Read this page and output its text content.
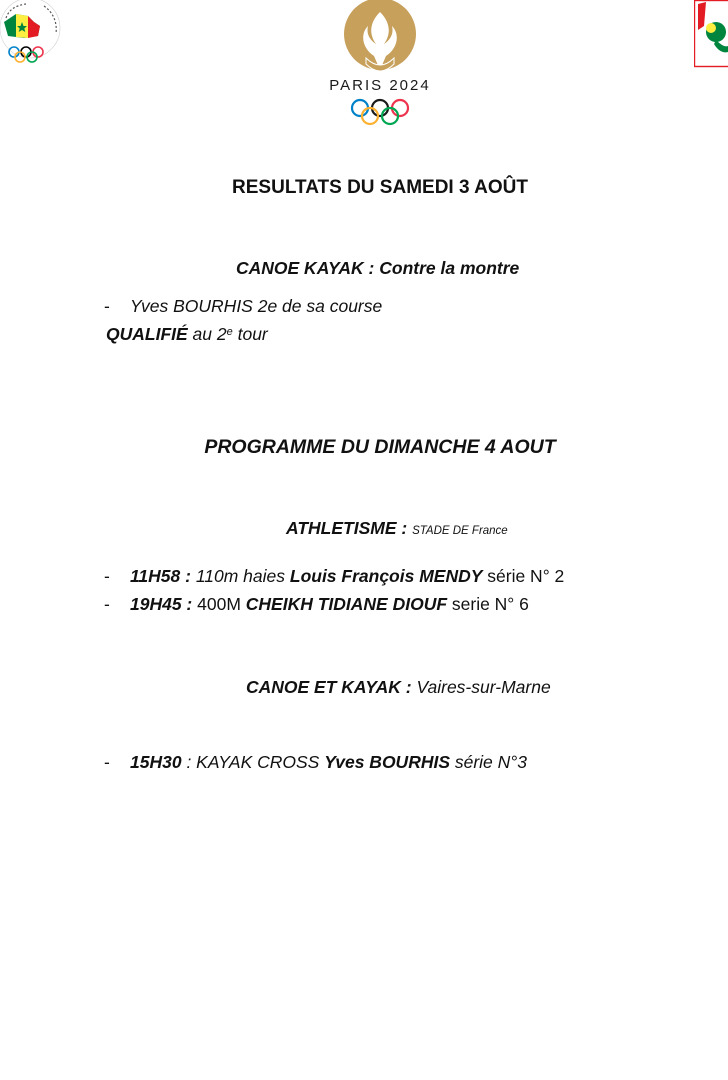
PARIS 2024
RESULTATS DU SAMEDI 3 AOÛT
CANOE KAYAK : Contre la montre
- Yves BOURHIS 2e de sa course
QUALIFIÉ au 2e tour
PROGRAMME DU DIMANCHE 4 AOUT
ATHLETISME : STADE DE France
- 11H58 : 110m haies Louis François MENDY série N° 2
- 19H45 : 400M CHEIKH TIDIANE DIOUF serie N° 6
CANOE ET KAYAK : Vaires-sur-Marne
- 15H30 : KAYAK CROSS Yves BOURHIS série N°3
